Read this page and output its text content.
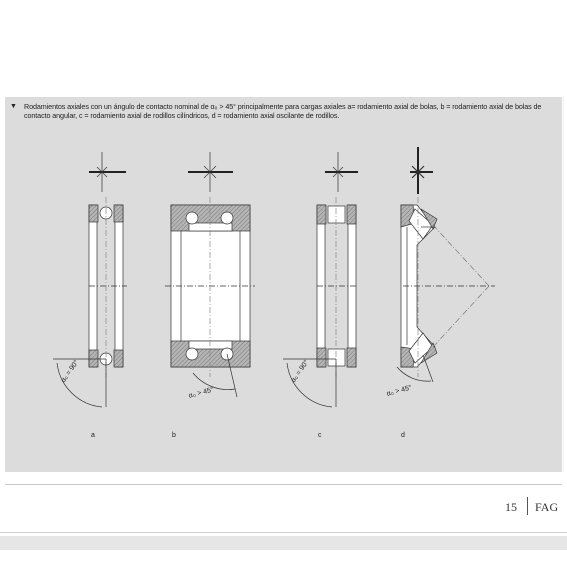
▼ Rodamientos axiales con un ángulo de contacto nominal de α₀ > 45° principalmente para cargas axiales a= rodamiento axial de bolas, b = rodamiento axial de bolas de contacto angular, c = rodamiento axial de rodillos cilíndricos, d = rodamiento axial oscilante de rodillos.
α₀ = 90°
α₀ > 45°
α₀ = 90°
α₀ > 45°
a	b	c	d
15 FAG
